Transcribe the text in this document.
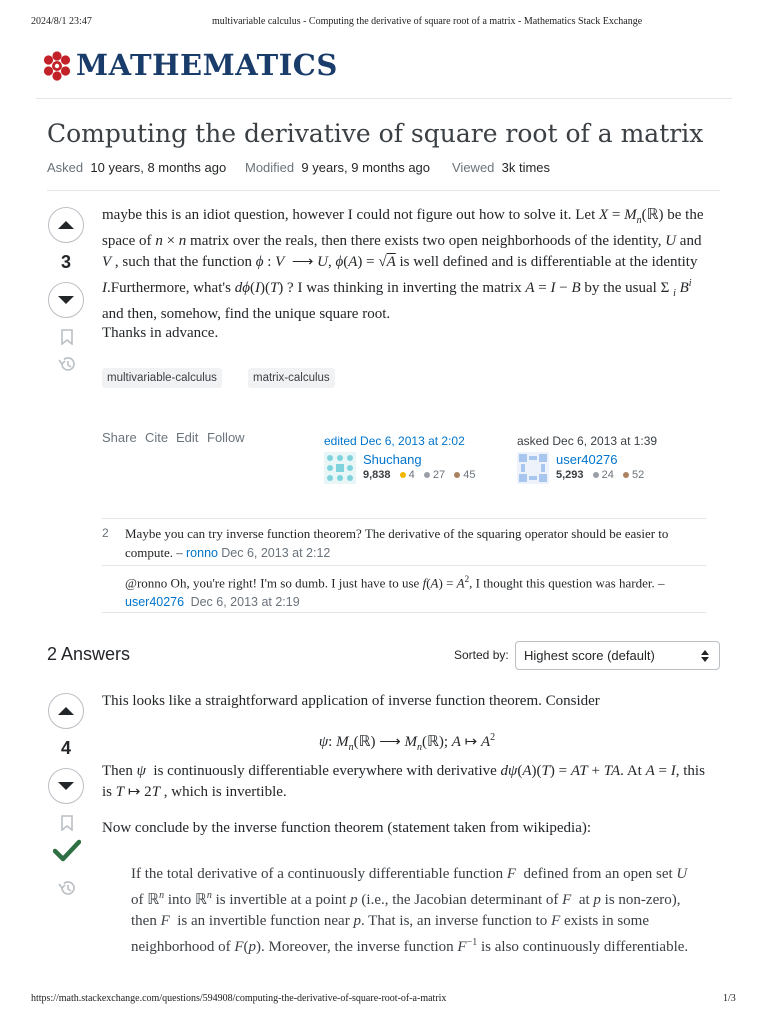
2024/8/1 23:47	multivariable calculus - Computing the derivative of square root of a matrix - Mathematics Stack Exchange
https://math.stackexchange.com/questions/594908/computing-the-derivative-of-square-root-of-a-matrix	1/3
MATHEMATICS
Computing the derivative of square root of a matrix
Asked 10 years, 8 months ago Modified 9 years, 9 months ago Viewed 3k times
3
maybe this is an idiot question, however I could not figure out how to solve it. Let $X = M_n(ℝ)$ be the space of n × n matrix over the reals, then there exists two open neighborhoods of the identity, U and V , such that the function ϕ : V  ⟶ U, ϕ(A) = √A is well defined and is differentiable at the identity I.Furthermore, what's dϕ(I)(T) ? I was thinking in inverting the matrix A = I − B by the usual Σ $_i$ $B^i$ and then, somehow, find the unique square root.
Thanks in advance.
multivariable-calculus	matrix-calculus
Share Cite Edit Follow	edited Dec 6, 2013 at 2:02
Shuchang
9,838 4 27 45
asked Dec 6, 2013 at 1:39
user40276
5,293 24 52
2 Maybe you can try inverse function theorem? The derivative of the squaring operator should be easier to compute. – ronno Dec 6, 2013 at 2:12
@ronno Oh, you're right! I'm so dumb. I just have to use $f(A) = A^2$, I thought this question was harder. – user40276 Dec 6, 2013 at 2:19
2 Answers	Sorted by:	Highest score (default)
4
This looks like a straightforward application of inverse function theorem. Consider
ψ: $M_n(ℝ)$ ⟶ $M_n(ℝ)$; A ↦ $A^2$
Then ψ  is continuously differentiable everywhere with derivative dψ(A)(T) = AT + TA. At A = I, this is T ↦ 2T , which is invertible.
Now conclude by the inverse function theorem (statement taken from wikipedia):
If the total derivative of a continuously differentiable function F  defined from an open set U of ℝ$^n$ into ℝ$^n$ is invertible at a point p (i.e., the Jacobian determinant of F  at p is non-zero), then F  is an invertible function near p. That is, an inverse function to F exists in some neighborhood of F(p). Moreover, the inverse function $F^{-1}$ is also continuously differentiable.
